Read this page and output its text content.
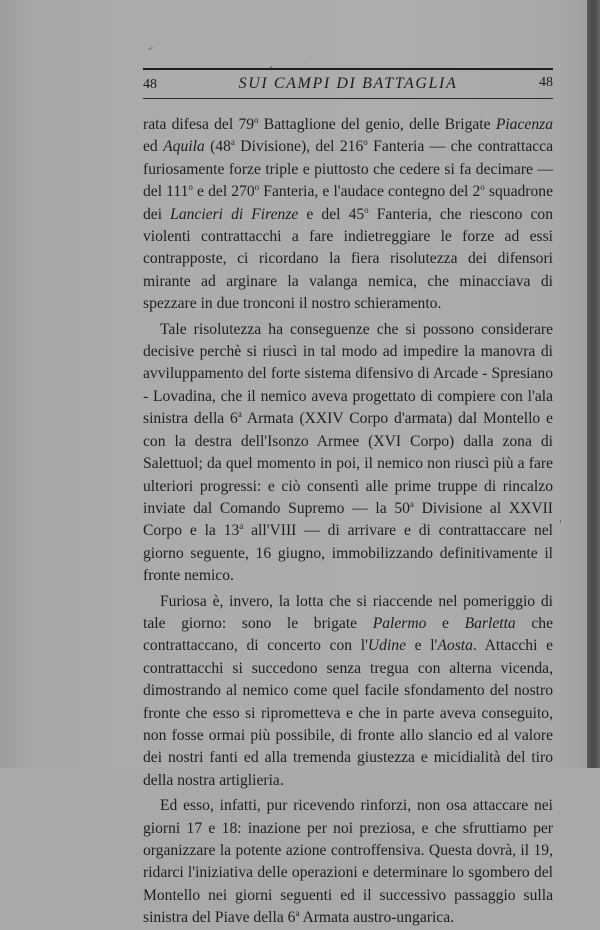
48	SUI CAMPI DI BATTAGLIA	48

rata difesa del 79$^o$ Battaglione del genio, delle Brigate Piacenza ed Aquila (48$^a$ Divisione), del 216$^o$ Fanteria — che contrattacca furiosamente forze triple e piuttosto che cedere si fa decimare — del 111$^o$ e del 270$^o$ Fanteria, e l'audace contegno del 2$^o$ squadrone dei Lancieri di Firenze e del 45$^o$ Fanteria, che riescono con violenti contrattacchi a fare indietreggiare le forze ad essi contrapposte, ci ricordano la fiera risolutezza dei difensori mirante ad arginare la valanga nemica, che minacciava di spezzare in due tronconi il nostro schieramento.

Tale risolutezza ha conseguenze che si possono considerare decisive perchè si riuscì in tal modo ad impedire la manovra di avviluppamento del forte sistema difensivo di Arcade - Spresiano - Lovadina, che il nemico aveva progettato di compiere con l'ala sinistra della 6$^a$ Armata (XXIV Corpo d'armata) dal Montello e con la destra dell'Isonzo Armee (XVI Corpo) dalla zona di Salettuol; da quel momento in poi, il nemico non riuscì più a fare ulteriori progressi: e ciò consentì alle prime truppe di rincalzo inviate dal Comando Supremo — la 50$^a$ Divisione al XXVII Corpo e la 13$^a$ all'VIII — di arrivare e di contrattaccare nel giorno seguente, 16 giugno, immobilizzando definitivamente il fronte nemico.

Furiosa è, invero, la lotta che si riaccende nel pomeriggio di tale giorno: sono le brigate Palermo e Barletta che contrattaccano, di concerto con l'Udine e l'Aosta. Attacchi e contrattacchi si succedono senza tregua con alterna vicenda, dimostrando al nemico come quel facile sfondamento del nostro fronte che esso si riprometteva e che in parte aveva conseguito, non fosse ormai più possibile, di fronte allo slancio ed al valore dei nostri fanti ed alla tremenda giustezza e micidialità del tiro della nostra artiglieria.

Ed esso, infatti, pur ricevendo rinforzi, non osa attaccare nei giorni 17 e 18: inazione per noi preziosa, e che sfruttiamo per organizzare la potente azione controffensiva. Questa dovrà, il 19, ridarci l'iniziativa delle operazioni e determinare lo sgombero del Montello nei giorni seguenti ed il successivo passaggio sulla sinistra del Piave della 6$^a$ Armata austro-ungarica.
